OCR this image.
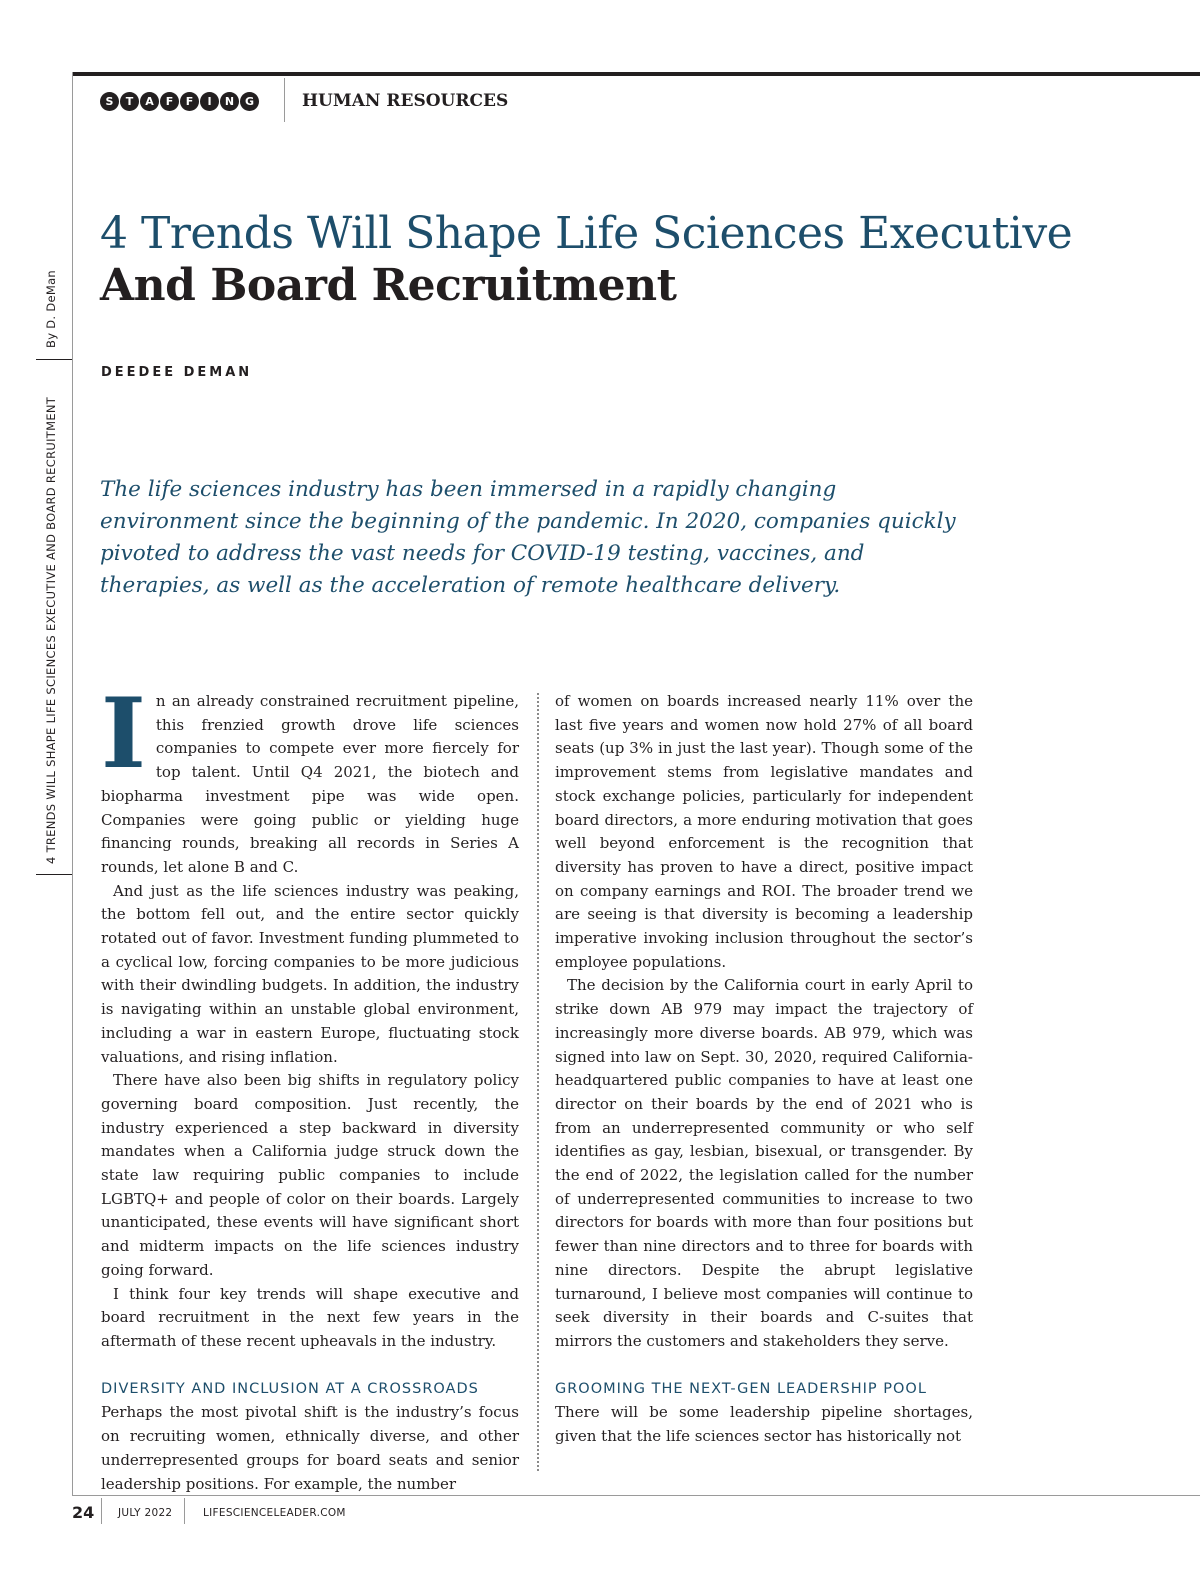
S	T	A	F	F	I	N G	HUMAN RESOURCES
4 Trends Will Shape Life Sciences Executive
And Board Recruitment
DEEDEE DEMAN
The life sciences industry has been immersed in a rapidly changing environment since the beginning of the pandemic. In 2020, companies quickly pivoted to address the vast needs for COVID-19 testing, vaccines, and therapies, as well as the acceleration of remote healthcare delivery.
By D. DeMan
4 TRENDS WILL SHAPE LIFE SCIENCES EXECUTIVE AND BOARD RECRUITMENT In an already constrained recruitment pipeline, this frenzied growth drove life sciences companies to compete ever more fiercely for top talent. Until Q4 2021, the biotech and biopharma investment pipe was wide open. Companies were going public or yielding huge financing rounds, breaking all records in Series A rounds, let alone B and C.

And just as the life sciences industry was peaking, the bottom fell out, and the entire sector quickly rotated out of favor. Investment funding plummeted to a cyclical low, forcing companies to be more judicious with their dwindling budgets. In addition, the industry is navigating within an unstable global environment, including a war in eastern Europe, fluctuating stock valuations, and rising inflation.

There have also been big shifts in regulatory policy governing board composition. Just recently, the industry experienced a step backward in diversity mandates when a California judge struck down the state law requiring public companies to include LGBTQ+ and people of color on their boards. Largely unanticipated, these events will have significant short and midterm impacts on the life sciences industry going forward.

I think four key trends will shape executive and board recruitment in the next few years in the aftermath of these recent upheavals in the industry.

DIVERSITY AND INCLUSION AT A CROSSROADS

Perhaps the most pivotal shift is the industry’s focus on recruiting women, ethnically diverse, and other underrepresented groups for board seats and senior leadership positions. For example, the number

of women on boards increased nearly 11% over the last five years and women now hold 27% of all board seats (up 3% in just the last year). Though some of the improvement stems from legislative mandates and stock exchange policies, particularly for independent board directors, a more enduring motivation that goes well beyond enforcement is the recognition that diversity has proven to have a direct, positive impact on company earnings and ROI. The broader trend we are seeing is that diversity is becoming a leadership imperative invoking inclusion throughout the sector’s employee populations.

The decision by the California court in early April to strike down AB 979 may impact the trajectory of increasingly more diverse boards. AB 979, which was signed into law on Sept. 30, 2020, required California-headquartered public companies to have at least one director on their boards by the end of 2021 who is from an underrepresented community or who self identifies as gay, lesbian, bisexual, or transgender. By the end of 2022, the legislation called for the number of underrepresented communities to increase to two directors for boards with more than four positions but fewer than nine directors and to three for boards with nine directors. Despite the abrupt legislative turnaround, I believe most companies will continue to seek diversity in their boards and C-suites that mirrors the customers and stakeholders they serve.

GROOMING THE NEXT-GEN LEADERSHIP POOL

There will be some leadership pipeline shortages, given that the life sciences sector has historically not

24 JULY 2022	LIFESCIENCELEADER.COM
